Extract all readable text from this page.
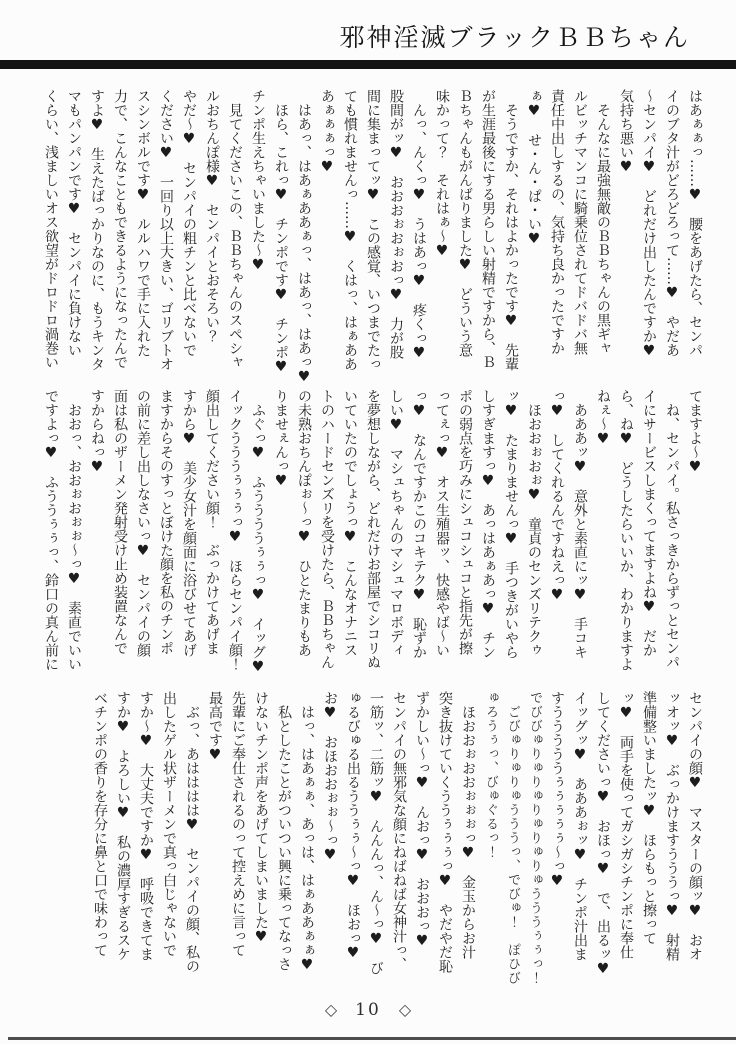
邪神淫滅ブラックＢＢちゃん
はあぁぁっ……♥　腰をあげたら、センパ
イのブタ汁がどろどろって……♥　やだあ
～センパイ♥　どれだけ出したんですか♥
気持ち悪い♥
　そんなに最強無敵のＢＢちゃんの黒ギャ
ルビッチマンコに騎乗位されてドバドバ無
責任中出しするの、気持ち良かったですか
ぁ♥　せ・ん・ぱ・い♥
　そうですか、それはよかったです♥　先輩
が生涯最後にする男らしい射精ですから、Ｂ
Ｂちゃんもがんばりました♥　どういう意
味かって？　それはぁ～♥
　んっ、んくっ♥　うはあっ♥　疼くっ♥
股間がッ♥　おおおぉおぉおっ♥　力が股
間に集まってッ♥　この感覚、いつまでたっ
ても慣れませんっ……♥　くはっ、はぁああ
あぁぁぁっ♥
　はあっ、はあぁああぁっ、はあっ、はあっ♥
　ほら、これっ♥　チンポです♥　チンポ♥
チンポ生えちゃいました～♥
　見てくださいこの、ＢＢちゃんのスペシャ
ルおちんぽ様♥　センパイとおそろい？
やだ～♥　センパイの粗チンと比べないで
ください♥　一回り以上大きい、ゴリブトオ
スシンボルです♥　ルルハワで手に入れた
力で、こんなこともできるようになったんで
すよ♥　生えたばっかりなのに、もうキンタ
マもパンパンです♥　センパイに負けない
くらい、浅ましいオス欲望がドロドロ渦巻い
てますよ～♥
　ね、センパイ。私さっきからずっとセンパ
イにサービスしまくってますよね♥　だか
ら、ね♥　どうしたらいいか、わかりますよ
ねぇ～♥
　あああッ♥　意外と素直にッ♥　手コキ
っ♥　してくれるんですねえっ♥
　ほおおぉおぉ♥　童貞のセンズリテクゥ
ッ♥　たまりませんっ♥　手つきがいやら
しすぎますっ♥　あっはあぁあっ♥　チン
ポの弱点を巧みにシュコシュコと指先が擦
ってぇっ♥　オス生殖器ッ、快感やば～い
っ♥　なんですかこのコキテク♥　恥ずか
しい♥　マシュちゃんのマシュマロボディ
を夢想しながら、どれだけお部屋でシコリぬ
いていたのでしょうっ♥　こんなオナニス
トのハードセンズリを受けたら、ＢＢちゃん
の未熟おちんぽぉ～っ♥　ひとたまりもあ
りませぇんっ♥
　ふぐっ♥　ふううううぅぅっ♥　イッグ♥
イックうううぅぅぅっ♥　ほらセンパイ顔！
顔出してください顔！　ぶっかけてあげま
すから♥　美少女汁を顔面に浴びせてあげ
ますからそのすっとぼけた顔を私のチンポ
の前に差し出しなさいっ♥　センパイの顔
面は私のザーメン発射受け止め装置なんで
すからねっ♥
　おおっ、おおぉおぉぉ～っ♥　素直でいい
ですよっ♥　ふううぅぅっ、鈴口の真ん前に
センパイの顔♥　マスターの顔ッ♥　おオ
ッオッ♥　ぶっかけますうううっ♥　射精
準備整いましたッ♥　ほらもっと擦って
ッ♥　両手を使ってガシガシチンポに奉仕
してくださいっ♥　おほっ♥　で、出るッ♥
イッグッ♥　あああぉッ♥　チンポ汁出ま
すうううううぅぅぅぅぅ～っ♥
でびびゅりゅりゅりゅりゅりゅうううぅぅっ！
　ごびゅりゅりゅうううっ、でびゅ！　ぽひび
ゅろうぅっ、びゅぐるっ！
　ほおおぉおおぉぉぉっ♥　金玉からお汁
突き抜けていくううぅぅぅっ♥　やだやだ恥
ずかしい～っ♥　んおっ♥　おおおっ♥
センパイの無邪気な顔にねばねば女神汁っ、
一筋ッ、二筋ッ♥　んんんっ、ん～っ♥　び
ゅるびゅる出るううぅぅ～っ♥　ほおっ♥
お♥　おほおおぉぉ～っ♥
　はっ、はあぁぁ、あっは、はぁああぁぁ♥
　私としたことがついつい興に乗ってなっさ
けないチンポ声をあげてしまいました♥
先輩にご奉仕されるのって控えめに言って
最高です♥
　ぶっ、あはははは♥　センパイの顔、私の
出したゲル状ザーメンで真っ白じゃないで
すか～♥　大丈夫ですか♥　呼吸できてま
すか♥　よろしい♥　私の濃厚すぎるスケ
ベチンポの香りを存分に鼻と口で味わって
◇ 10 ◇
